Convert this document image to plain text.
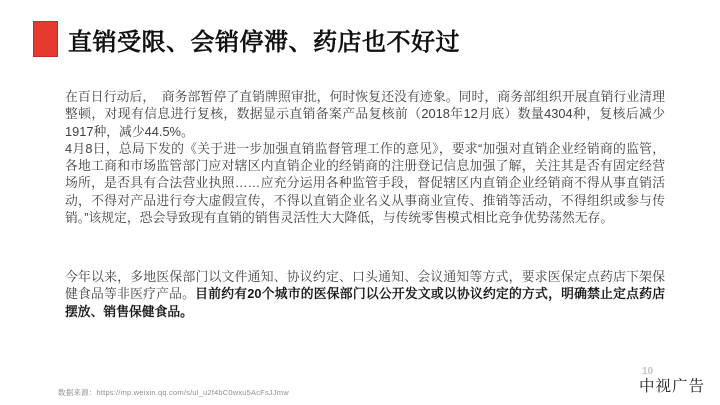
直销受限、会销停滞、药店也不好过

在百日行动后，　商务部暂停了直销牌照审批，何时恢复还没有迹象。同时，商务部组织开展直销行业清理整顿，对现有信息进行复核，数据显示直销备案产品复核前（2018年12月底）数量4304种，复核后减少1917种，减少44.5%。

4月8日，总局下发的《关于进一步加强直销监督管理工作的意见》，要求“加强对直销企业经销商的监管，各地工商和市场监管部门应对辖区内直销企业的经销商的注册登记信息加强了解，关注其是否有固定经营场所，是否具有合法营业执照……应充分运用各种监管手段，督促辖区内直销企业经销商不得从事直销活动，不得对产品进行夸大虚假宣传，不得以直销企业名义从事商业宣传、推销等活动，不得组织或参与传销。”该规定，恐会导致现有直销的销售灵活性大大降低，与传统零售模式相比竞争优势荡然无存。

今年以来，多地医保部门以文件通知、协议约定、口头通知、会议通知等方式，要求医保定点药店下架保健食品等非医疗产品。目前约有20个城市的医保部门以公开发文或以协议约定的方式，明确禁止定点药店摆放、销售保健食品。

数据来源：https://mp.weixin.qq.com/s/ul_u2f4bC0wxu5AcFsJJmw
10
中视广告
